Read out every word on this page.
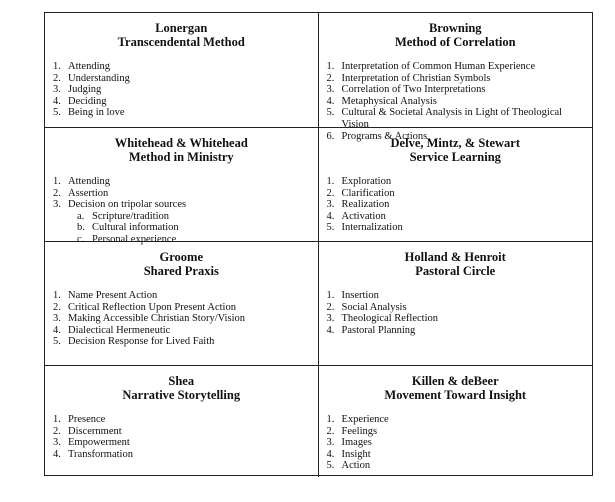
Lonergan
Transcendental Method
1. Attending
2. Understanding
3. Judging
4. Deciding
5. Being in love
Browning
Method of Correlation
1. Interpretation of Common Human Experience
2. Interpretation of Christian Symbols
3. Correlation of Two Interpretations
4. Metaphysical Analysis
5. Cultural & Societal Analysis in Light of Theological Vision
6. Programs & Actions
Whitehead & Whitehead
Method in Ministry
1. Attending
2. Assertion
3. Decision on tripolar sources
a. Scripture/tradition
b. Cultural information
c. Personal experience
Delve, Mintz, & Stewart
Service Learning
1. Exploration
2. Clarification
3. Realization
4. Activation
5. Internalization
Groome
Shared Praxis
1. Name Present Action
2. Critical Reflection Upon Present Action
3. Making Accessible Christian Story/Vision
4. Dialectical Hermeneutic
5. Decision Response for Lived Faith
Holland & Henroit
Pastoral Circle
1. Insertion
2. Social Analysis
3. Theological Reflection
4. Pastoral Planning
Shea
Narrative Storytelling
1. Presence
2. Discernment
3. Empowerment
4. Transformation
Killen & deBeer
Movement Toward Insight
1. Experience
2. Feelings
3. Images
4. Insight
5. Action
